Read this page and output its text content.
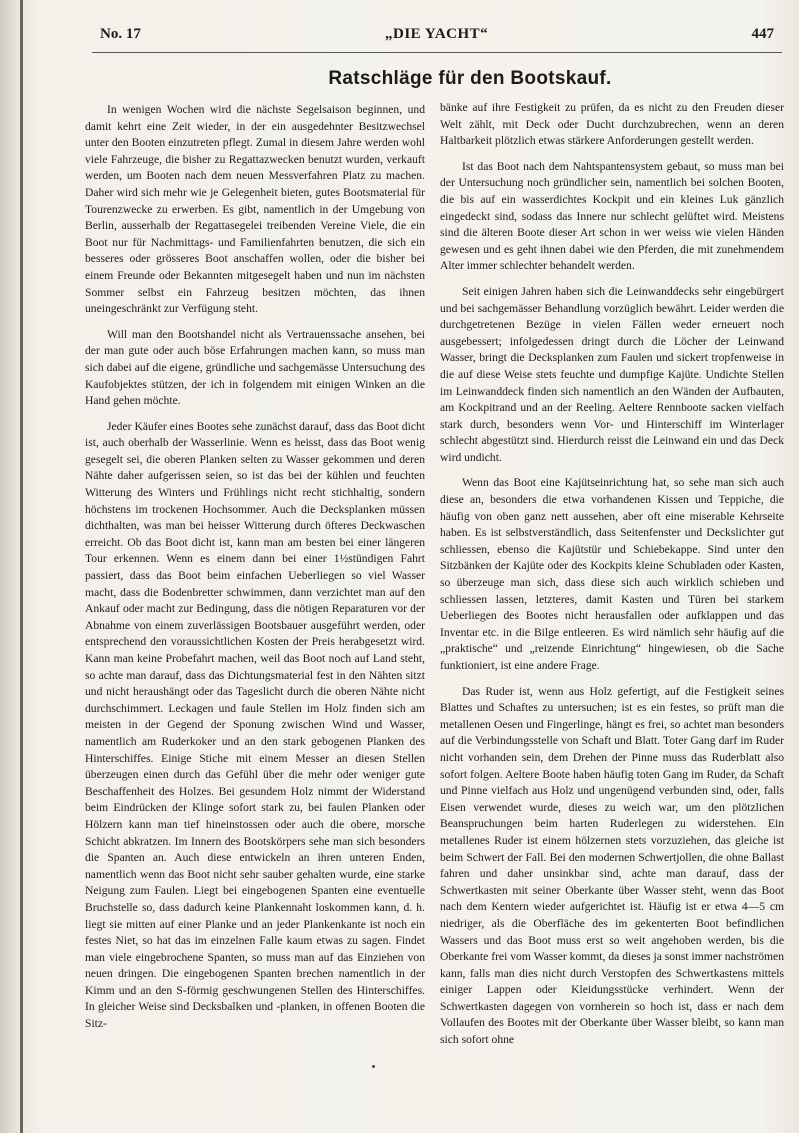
No. 17	„DIE YACHT“	447
Ratschläge für den Bootskauf.

In wenigen Wochen wird die nächste Segelsaison beginnen, und damit kehrt eine Zeit wieder, in der ein ausgedehnter Besitzwechsel unter den Booten einzutreten pflegt. Zumal in diesem Jahre werden wohl viele Fahrzeuge, die bisher zu Regattazwecken benutzt wurden, verkauft werden, um Booten nach dem neuen Messverfahren Platz zu machen. Daher wird sich mehr wie je Gelegenheit bieten, gutes Bootsmaterial für Tourenzwecke zu erwerben. Es gibt, namentlich in der Umgebung von Berlin, ausserhalb der Regattasegelei treibenden Vereine Viele, die ein Boot nur für Nachmittags- und Familienfahrten benutzen, die sich ein besseres oder grösseres Boot anschaffen wollen, oder die bisher bei einem Freunde oder Bekannten mitgesegelt haben und nun im nächsten Sommer selbst ein Fahrzeug besitzen möchten, das ihnen uneingeschränkt zur Verfügung steht.

Will man den Bootshandel nicht als Vertrauenssache ansehen, bei der man gute oder auch böse Erfahrungen machen kann, so muss man sich dabei auf die eigene, gründliche und sachgemässe Untersuchung des Kaufobjektes stützen, der ich in folgendem mit einigen Winken an die Hand gehen möchte.

Jeder Käufer eines Bootes sehe zunächst darauf, dass das Boot dicht ist, auch oberhalb der Wasserlinie. Wenn es heisst, dass das Boot wenig gesegelt sei, die oberen Planken selten zu Wasser gekommen und deren Nähte daher aufgerissen seien, so ist das bei der kühlen und feuchten Witterung des Winters und Frühlings nicht recht stichhaltig, sondern höchstens im trockenen Hochsommer. Auch die Decksplanken müssen dichthalten, was man bei heisser Witterung durch öfteres Deckwaschen erreicht. Ob das Boot dicht ist, kann man am besten bei einer längeren Tour erkennen. Wenn es einem dann bei einer 1½stündigen Fahrt passiert, dass das Boot beim einfachen Ueberliegen so viel Wasser macht, dass die Bodenbretter schwimmen, dann verzichtet man auf den Ankauf oder macht zur Bedingung, dass die nötigen Reparaturen vor der Abnahme von einem zuverlässigen Bootsbauer ausgeführt werden, oder entsprechend den voraussichtlichen Kosten der Preis herabgesetzt wird. Kann man keine Probefahrt machen, weil das Boot noch auf Land steht, so achte man darauf, dass das Dichtungsmaterial fest in den Nähten sitzt und nicht heraushängt oder das Tageslicht durch die oberen Nähte nicht durchschimmert. Leckagen und faule Stellen im Holz finden sich am meisten in der Gegend der Sponung zwischen Wind und Wasser, namentlich am Ruderkoker und an den stark gebogenen Planken des Hinterschiffes. Einige Stiche mit einem Messer an diesen Stellen überzeugen einen durch das Gefühl über die mehr oder weniger gute Beschaffenheit des Holzes. Bei gesundem Holz nimmt der Widerstand beim Eindrücken der Klinge sofort stark zu, bei faulen Planken oder Hölzern kann man tief hineinstossen oder auch die obere, morsche Schicht abkratzen. Im Innern des Bootskörpers sehe man sich besonders die Spanten an. Auch diese entwickeln an ihren unteren Enden, namentlich wenn das Boot nicht sehr sauber gehalten wurde, eine starke Neigung zum Faulen. Liegt bei eingebogenen Spanten eine eventuelle Bruchstelle so, dass dadurch keine Plankennaht loskommen kann, d. h. liegt sie mitten auf einer Planke und an jeder Plankenkante ist noch ein festes Niet, so hat das im einzelnen Falle kaum etwas zu sagen. Findet man viele eingebrochene Spanten, so muss man auf das Einziehen von neuen dringen. Die eingebogenen Spanten brechen namentlich in der Kimm und an den S-förmig geschwungenen Stellen des Hinterschiffes. In gleicher Weise sind Decksbalken und -planken, in offenen Booten die Sitz-

bänke auf ihre Festigkeit zu prüfen, da es nicht zu den Freuden dieser Welt zählt, mit Deck oder Ducht durchzubrechen, wenn an deren Haltbarkeit plötzlich etwas stärkere Anforderungen gestellt werden.

Ist das Boot nach dem Nahtspantensystem gebaut, so muss man bei der Untersuchung noch gründlicher sein, namentlich bei solchen Booten, die bis auf ein wasserdichtes Kockpit und ein kleines Luk gänzlich eingedeckt sind, sodass das Innere nur schlecht gelüftet wird. Meistens sind die älteren Boote dieser Art schon in wer weiss wie vielen Händen gewesen und es geht ihnen dabei wie den Pferden, die mit zunehmendem Alter immer schlechter behandelt werden.

Seit einigen Jahren haben sich die Leinwanddecks sehr eingebürgert und bei sachgemässer Behandlung vorzüglich bewährt. Leider werden die durchgetretenen Bezüge in vielen Fällen weder erneuert noch ausgebessert; infolgedessen dringt durch die Löcher der Leinwand Wasser, bringt die Decksplanken zum Faulen und sickert tropfenweise in die auf diese Weise stets feuchte und dumpfige Kajüte. Undichte Stellen im Leinwanddeck finden sich namentlich an den Wänden der Aufbauten, am Kockpitrand und an der Reeling. Aeltere Rennboote sacken vielfach stark durch, besonders wenn Vor- und Hinterschiff im Winterlager schlecht abgestützt sind. Hierdurch reisst die Leinwand ein und das Deck wird undicht.

Wenn das Boot eine Kajütseinrichtung hat, so sehe man sich auch diese an, besonders die etwa vorhandenen Kissen und Teppiche, die häufig von oben ganz nett aussehen, aber oft eine miserable Kehrseite haben. Es ist selbstverständlich, dass Seitenfenster und Deckslichter gut schliessen, ebenso die Kajütstür und Schiebekappe. Sind unter den Sitzbänken der Kajüte oder des Kockpits kleine Schubladen oder Kasten, so überzeuge man sich, dass diese sich auch wirklich schieben und schliessen lassen, letzteres, damit Kasten und Türen bei starkem Ueberliegen des Bootes nicht herausfallen oder aufklappen und das Inventar etc. in die Bilge entleeren. Es wird nämlich sehr häufig auf die „praktische“ und „reizende Einrichtung“ hingewiesen, ob die Sache funktioniert, ist eine andere Frage.

Das Ruder ist, wenn aus Holz gefertigt, auf die Festigkeit seines Blattes und Schaftes zu untersuchen; ist es ein festes, so prüft man die metallenen Oesen und Fingerlinge, hängt es frei, so achtet man besonders auf die Verbindungsstelle von Schaft und Blatt. Toter Gang darf im Ruder nicht vorhanden sein, dem Drehen der Pinne muss das Ruderblatt also sofort folgen. Aeltere Boote haben häufig toten Gang im Ruder, da Schaft und Pinne vielfach aus Holz und ungenügend verbunden sind, oder, falls Eisen verwendet wurde, dieses zu weich war, um den plötzlichen Beanspruchungen beim harten Ruderlegen zu widerstehen. Ein metallenes Ruder ist einem hölzernen stets vorzuziehen, das gleiche ist beim Schwert der Fall. Bei den modernen Schwertjollen, die ohne Ballast fahren und daher unsinkbar sind, achte man darauf, dass der Schwertkasten mit seiner Oberkante über Wasser steht, wenn das Boot nach dem Kentern wieder aufgerichtet ist. Häufig ist er etwa 4—5 cm niedriger, als die Oberfläche des im gekenterten Boot befindlichen Wassers und das Boot muss erst so weit angehoben werden, bis die Oberkante frei vom Wasser kommt, da dieses ja sonst immer nachströmen kann, falls man dies nicht durch Verstopfen des Schwertkastens mittels einiger Lappen oder Kleidungsstücke verhindert. Wenn der Schwertkasten dagegen von vornherein so hoch ist, dass er nach dem Vollaufen des Bootes mit der Oberkante über Wasser bleibt, so kann man sich sofort ohne
